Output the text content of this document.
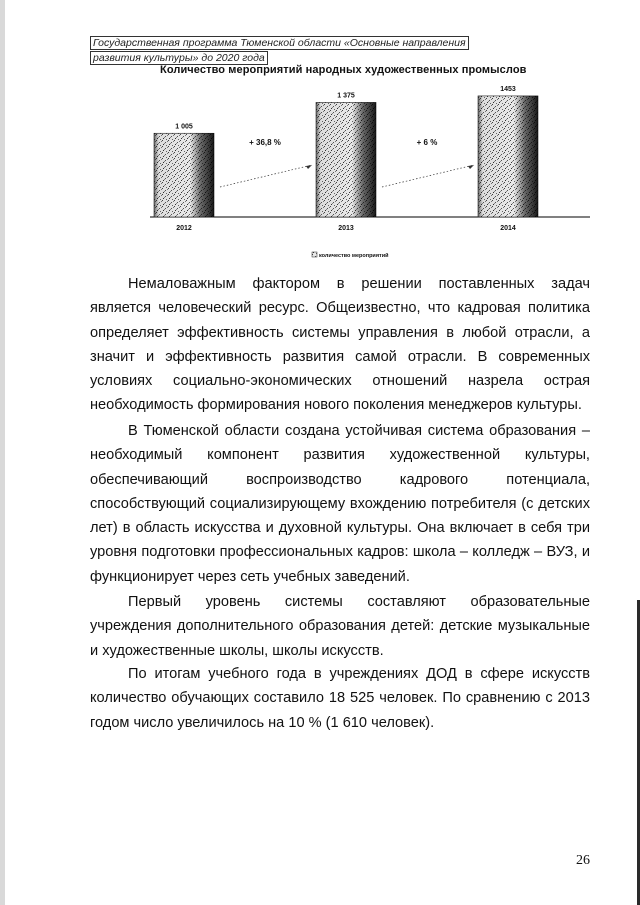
Государственная программа Тюменской области «Основные направления
развития культуры» до 2020 года
Количество мероприятий народных художественных промыслов
1 005
2012
1 375
2013
1453
2014
+ 36,8 %	+ 6 %
количество мероприятий
Немаловажным фактором в решении поставленных задач является человеческий ресурс. Общеизвестно, что кадровая политика определяет эффективность системы управления в любой отрасли, а значит и эффективность развития самой отрасли. В современных условиях социально-экономических отношений назрела острая необходимость формирования нового поколения менеджеров культуры.
В Тюменской области создана устойчивая система образования – необходимый компонент развития художественной культуры, обеспечивающий воспроизводство кадрового потенциала, способствующий социализирующему вхождению потребителя (с детских лет) в область искусства и духовной культуры. Она включает в себя три уровня подготовки профессиональных кадров: школа – колледж – ВУЗ, и функционирует через сеть учебных заведений.
Первый уровень системы составляют образовательные учреждения дополнительного образования детей: детские музыкальные и художественные школы, школы искусств.
По итогам учебного года в учреждениях ДОД в сфере искусств количество обучающих составило 18 525 человек. По сравнению с 2013 годом число увеличилось на 10 % (1 610 человек).
26
